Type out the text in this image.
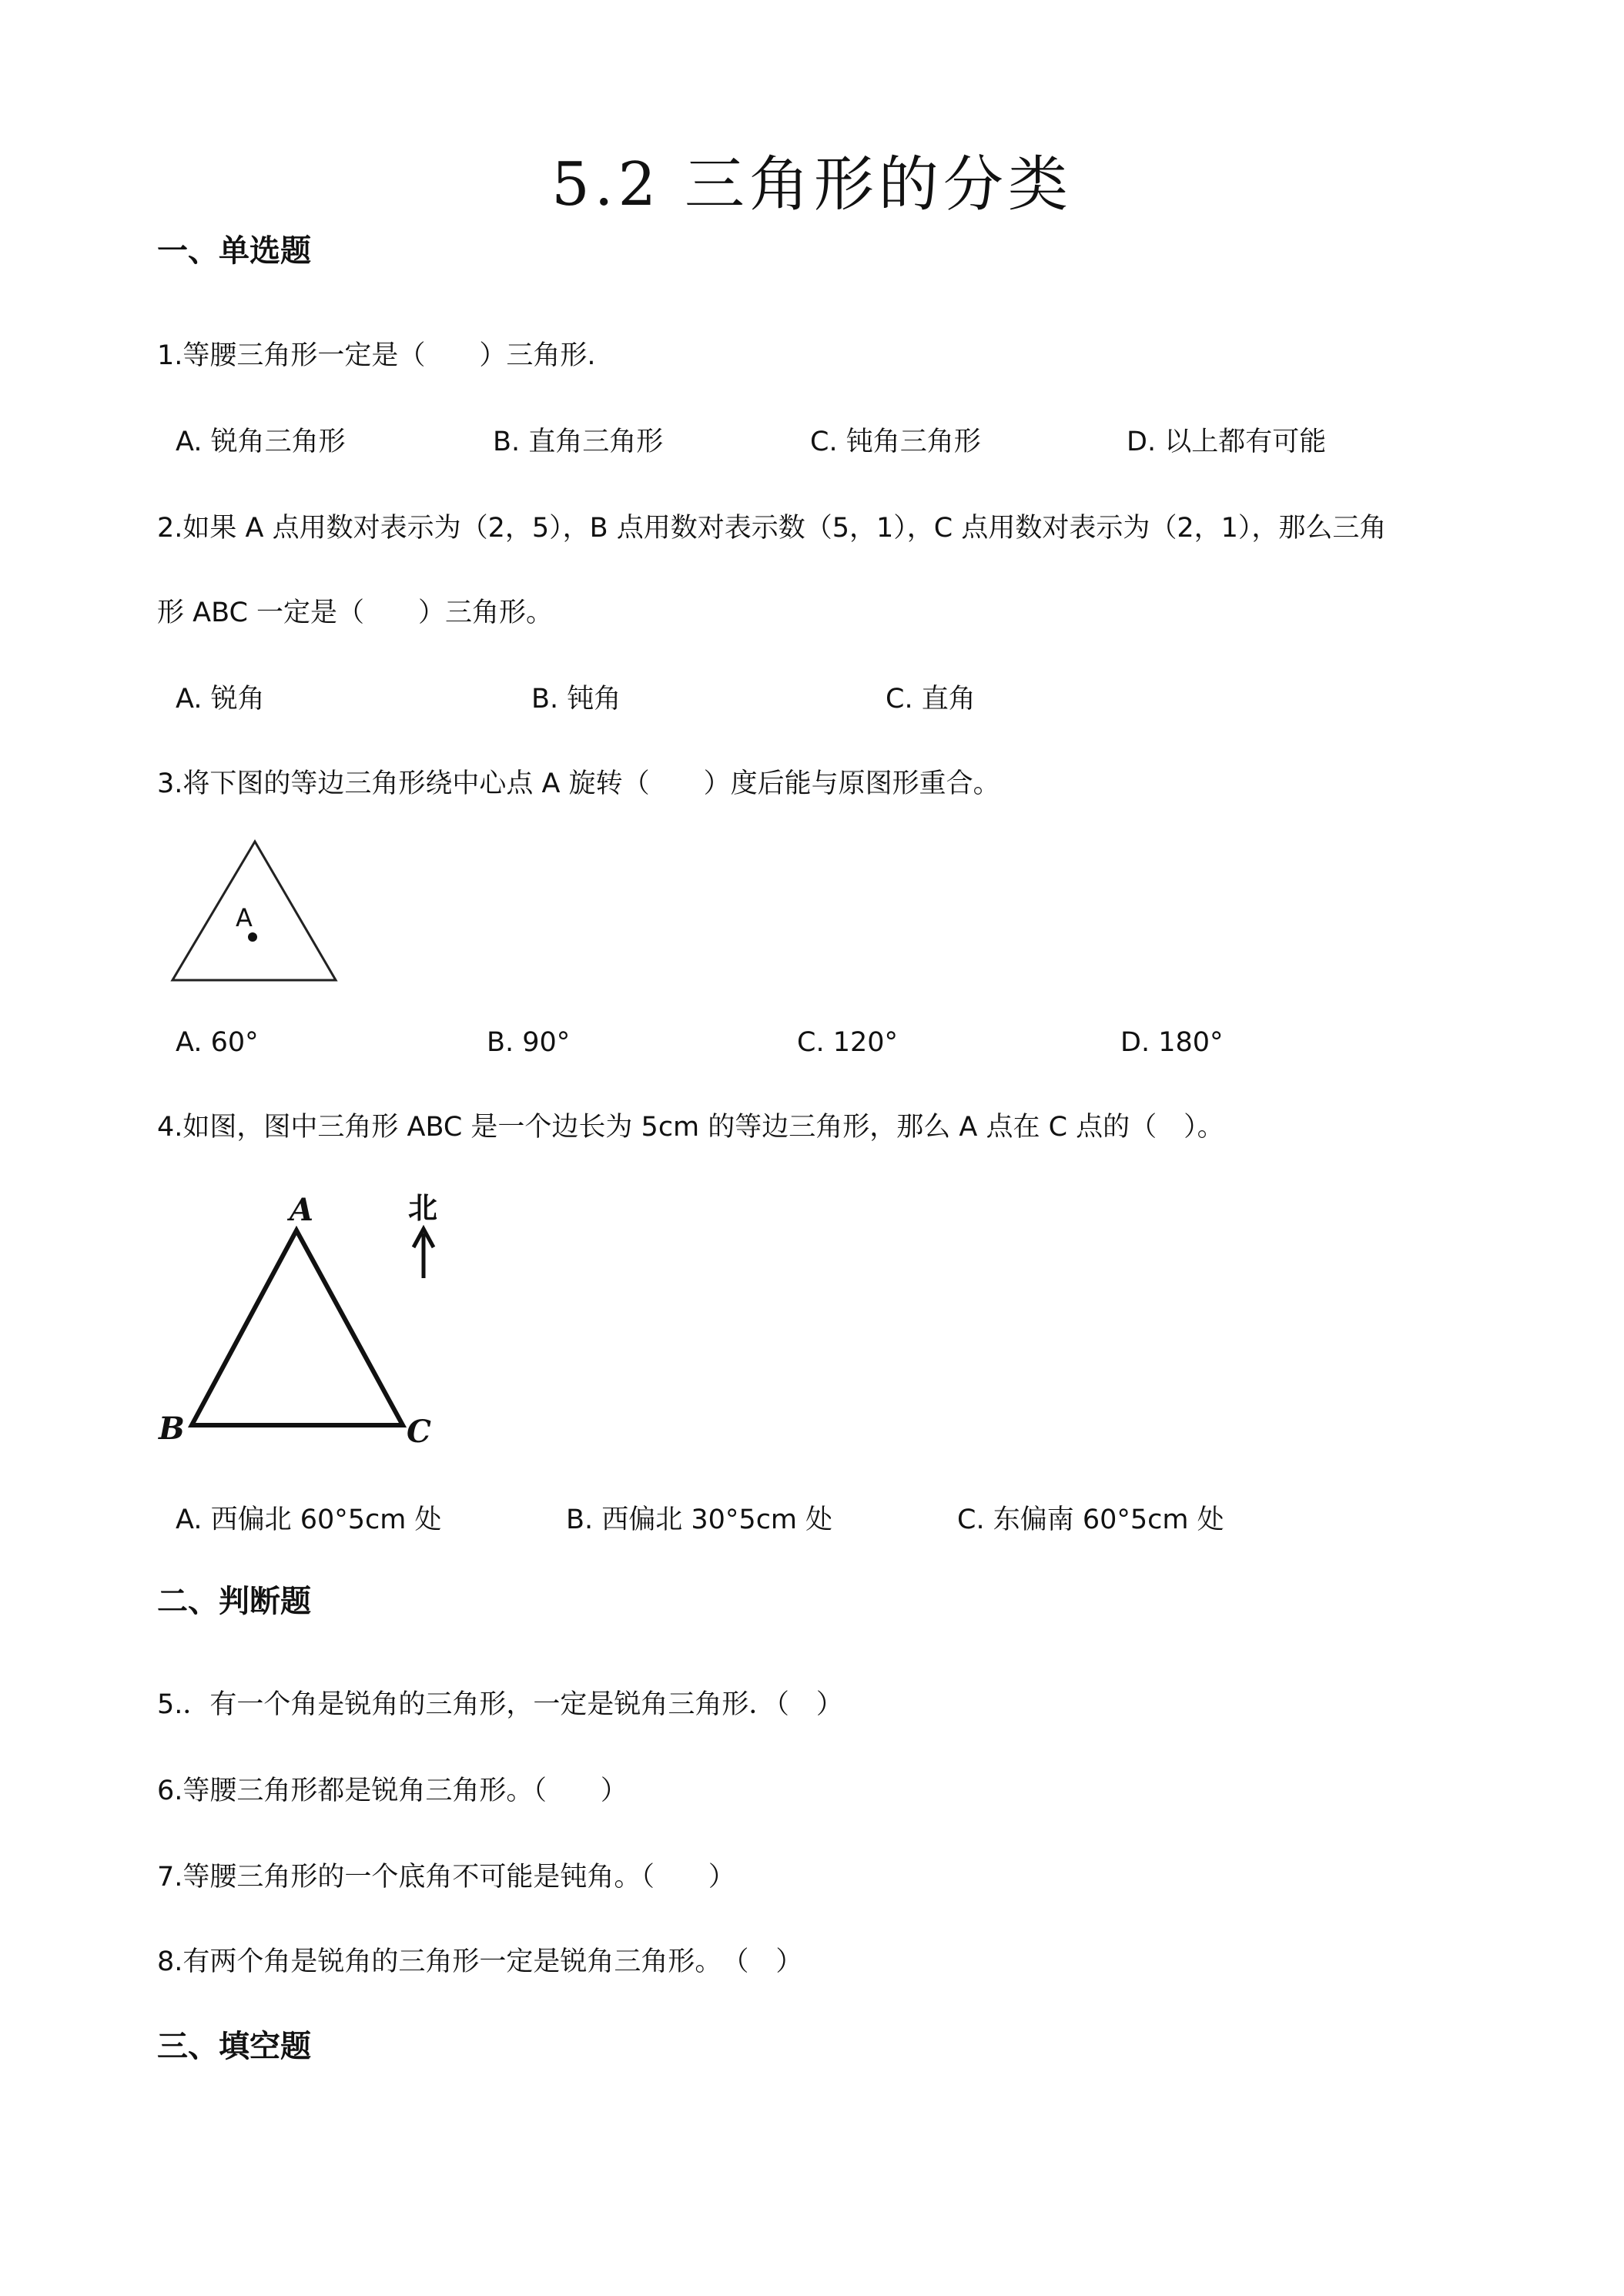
5.2 三角形的分类
一、单选题
1.等腰三角形一定是（　　）三角形.
A. 锐角三角形	B. 直角三角形	C. 钝角三角形	D. 以上都有可能
2.如果 A 点用数对表示为（2，5），B 点用数对表示数（5，1），C 点用数对表示为（2，1），那么三角
形 ABC 一定是（　　）三角形。
A. 锐角	B. 钝角	C. 直角
3.将下图的等边三角形绕中心点 A 旋转（　　）度后能与原图形重合。
A
A. 60°	B. 90°	C. 120°	D. 180°
4.如图，图中三角形 ABC 是一个边长为 5cm 的等边三角形，那么 A 点在 C 点的（　）。
A
B	C
北
A. 西偏北 60°5cm 处	B. 西偏北 30°5cm 处	C. 东偏南 60°5cm 处
二、判断题
5.．有一个角是锐角的三角形，一定是锐角三角形．（　）
6.等腰三角形都是锐角三角形。（　　）
7.等腰三角形的一个底角不可能是钝角。（　　）
8.有两个角是锐角的三角形一定是锐角三角形。　（　）
三、填空题
